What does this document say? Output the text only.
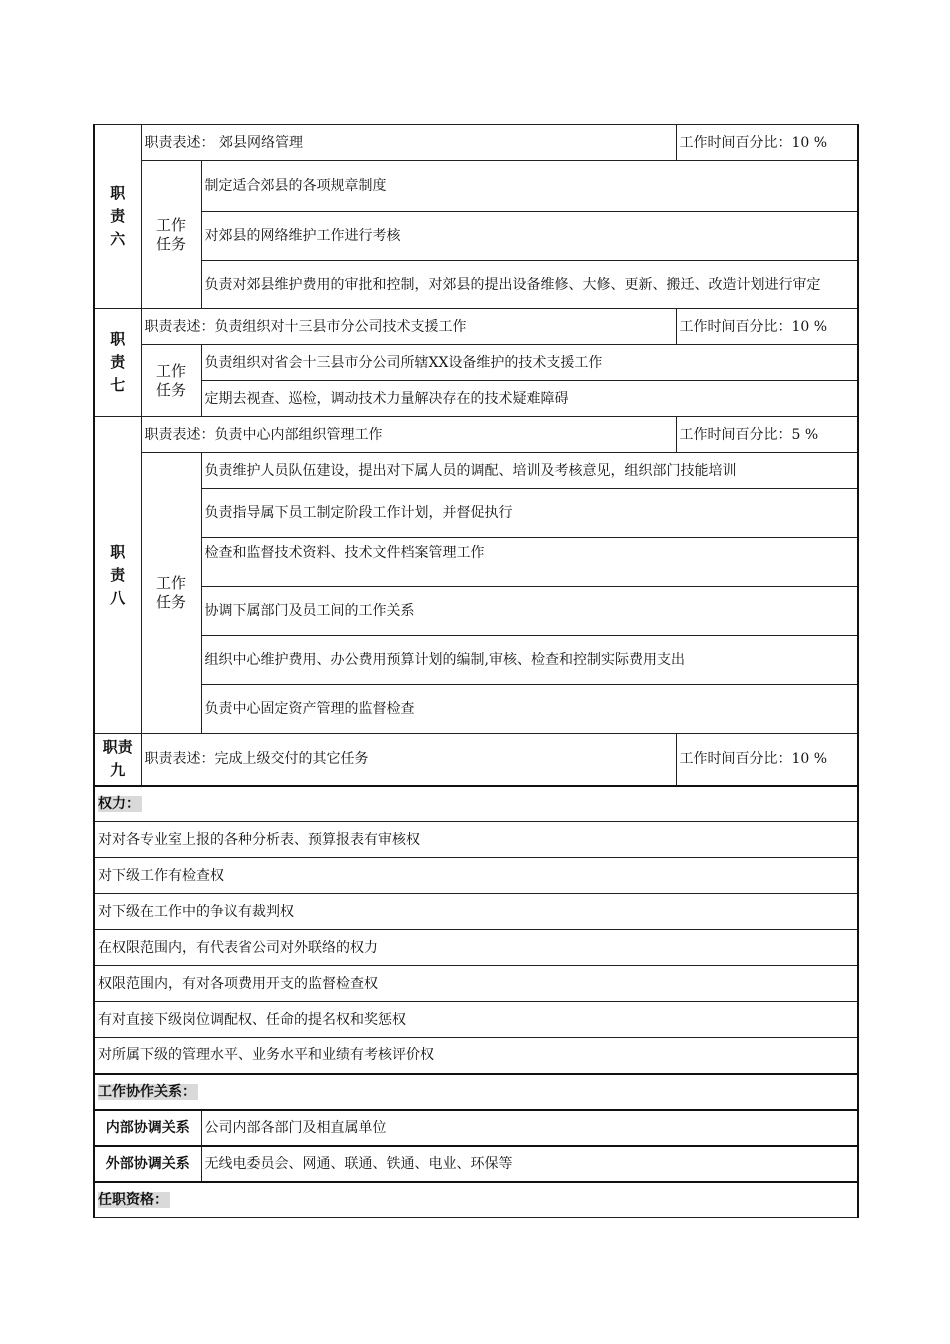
职
责
六	职责表述： 郊县网络管理		工作时间百分比：10 %
	工作
任务	制定适合郊县的各项规章制度	
		对郊县的网络维护工作进行考核	
		负责对郊县维护费用的审批和控制，对郊县的提出设备维修、大修、更新、搬迁、改造计划进行审定	
职
责
七	职责表述：负责组织对十三县市分公司技术支援工作		工作时间百分比：10 %
	工作
任务	负责组织对省会十三县市分公司所辖XX设备维护的技术支援工作	
		定期去视查、巡检，调动技术力量解决存在的技术疑难障碍	
职
责
八	职责表述：负责中心内部组织管理工作		工作时间百分比：5 %
	工作
任务	负责维护人员队伍建设，提出对下属人员的调配、培训及考核意见，组织部门技能培训	
		负责指导属下员工制定阶段工作计划，并督促执行	
		检查和监督技术资料、技术文件档案管理工作	
		协调下属部门及员工间的工作关系	
		组织中心维护费用、办公费用预算计划的编制,审核、检查和控制实际费用支出	
		负责中心固定资产管理的监督检查	
职责
九	职责表述：完成上级交付的其它任务		工作时间百分比：10 %
权力：			
对对各专业室上报的各种分析表、预算报表有审核权			
对下级工作有检查权			
对下级在工作中的争议有裁判权			
在权限范围内，有代表省公司对外联络的权力			
权限范围内，有对各项费用开支的监督检查权			
有对直接下级岗位调配权、任命的提名权和奖惩权			
对所属下级的管理水平、业务水平和业绩有考核评价权			
工作协作关系：			
内部协调关系		公司内部各部门及相直属单位	
外部协调关系		无线电委员会、网通、联通、铁通、电业、环保等	
任职资格：			
